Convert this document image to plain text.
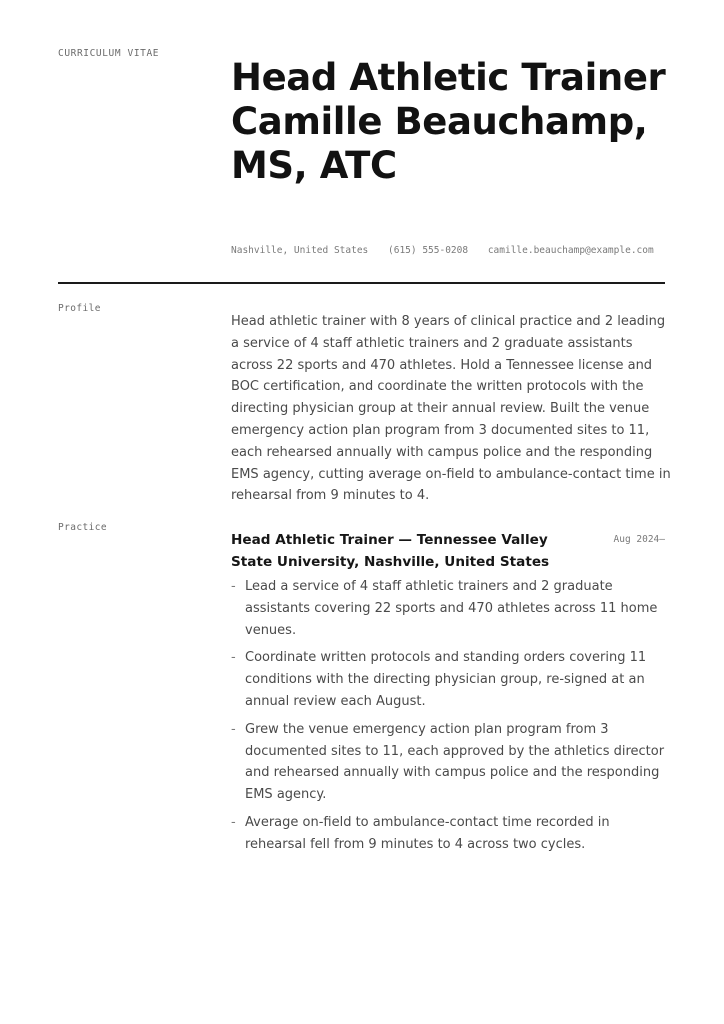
CURRICULUM VITAE
Head Athletic Trainer Camille Beauchamp, MS, ATC
Nashville, United States (615) 555-0208 camille.beauchamp@example.com
Profile

Head athletic trainer with 8 years of clinical practice and 2 leading a service of 4 staff athletic trainers and 2 graduate assistants across 22 sports and 470 athletes. Hold a Tennessee license and BOC certification, and coordinate the written protocols with the directing physician group at their annual review. Built the venue emergency action plan program from 3 documented sites to 11, each rehearsed annually with campus police and the responding EMS agency, cutting average on-field to ambulance-contact time in rehearsal from 9 minutes to 4.

Practice

Head Athletic Trainer — Tennessee Valley State University, Nashville, United States

Aug 2024–
- Lead a service of 4 staff athletic trainers and 2 graduate assistants covering 22 sports and 470 athletes across 11 home venues.
- Coordinate written protocols and standing orders covering 11 conditions with the directing physician group, re-signed at an annual review each August.
- Grew the venue emergency action plan program from 3 documented sites to 11, each approved by the athletics director and rehearsed annually with campus police and the responding EMS agency.
- Average on-field to ambulance-contact time recorded in rehearsal fell from 9 minutes to 4 across two cycles.
